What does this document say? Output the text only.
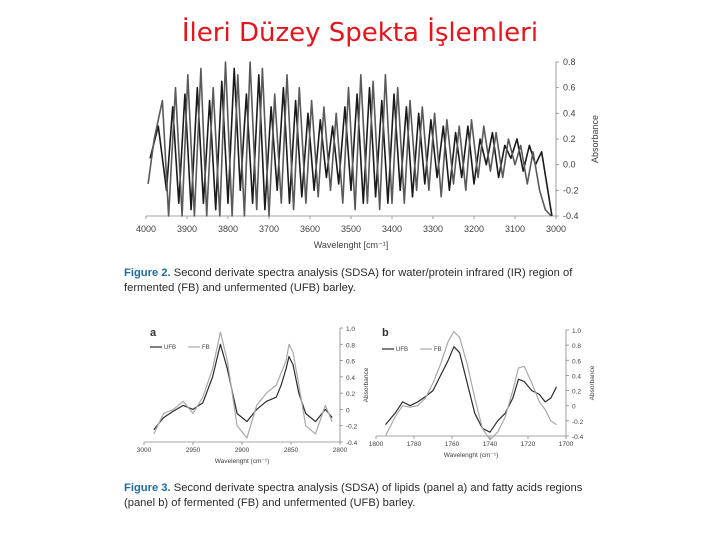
İleri Düzey Spekta İşlemleri
4000 3900 3800 3700 3600 3500 3400 3300 3200 3100 3000
-0.4
-0.2
0.0
0.2
0.4
0.6
0.8
Wavelenght [cm⁻¹]
Absorbance
3000	2950	2900	2850	2800
-0.4
-0.2
0
0.2
0.4
0.6
0.8
1.0
Wavelenght (cm⁻¹)
Absorbance
UFB	FB
1800	1780	1760	1740	1720	1700
-0.4
-0.2
0
0.2
0.4
0.6
0.8
1.0
Wavelenght (cm⁻¹)
Absorbance
UFB	FB
a	b
Figure 2. Second derivate spectra analysis (SDSA) for water/protein infrared (IR) region of fermented (FB) and unfermented (UFB) barley.
Figure 3. Second derivate spectra analysis (SDSA) of lipids (panel a) and fatty acids regions (panel b) of fermented (FB) and unfermented (UFB) barley.
